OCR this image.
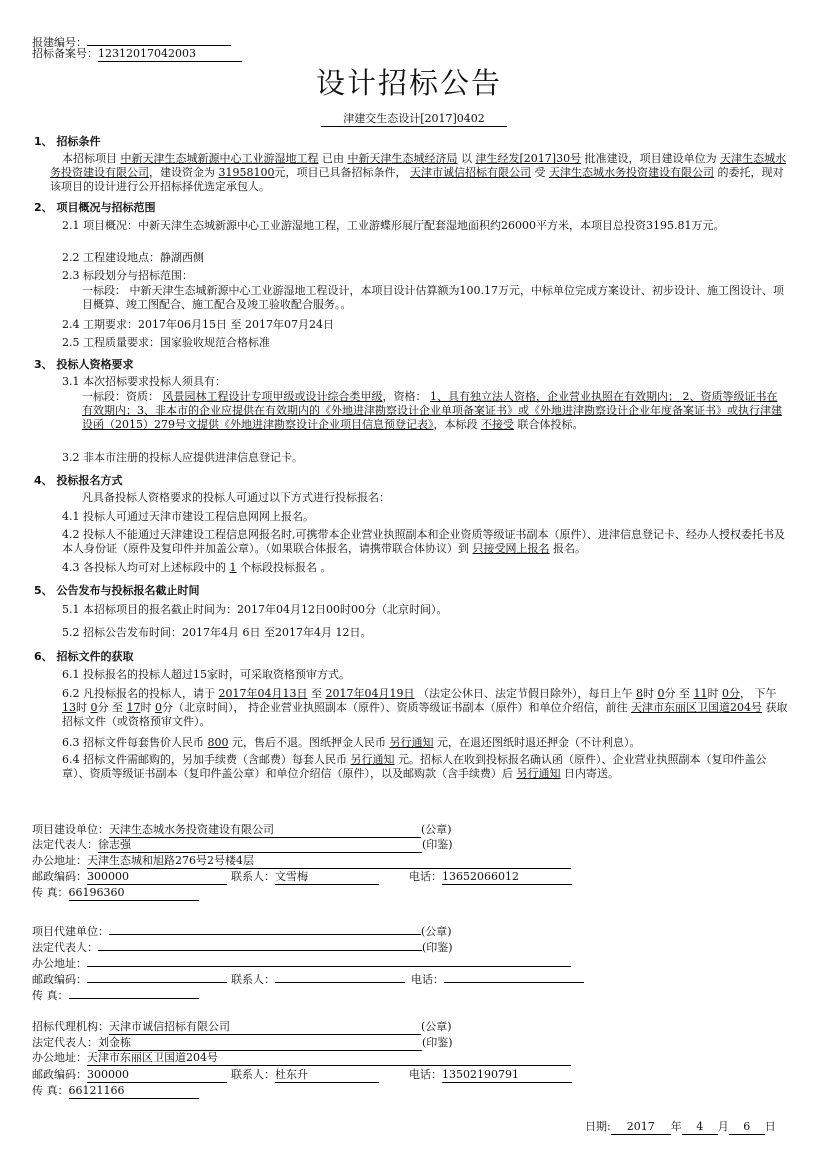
报建编号：
招标备案号：12312017042003
设计招标公告
津建交生态设计[2017]0402
1、 招标条件
本招标项目 中新天津生态城新源中心工业游湿地工程 已由 中新天津生态城经济局 以 津生经发[2017]30号 批准建设，项目建设单位为 天津生态城水务投资建设有限公司，建设资金为 31958100元，项目已具备招标条件， 天津市诚信招标有限公司 受 天津生态城水务投资建设有限公司 的委托，现对该项目的设计进行公开招标择优选定承包人。
2、 项目概况与招标范围
2.1 项目概况：中新天津生态城新源中心工业游湿地工程，工业游蝶形展厅配套湿地面积约26000平方米，本项目总投资3195.81万元。
2.2 工程建设地点：静湖西侧
2.3 标段划分与招标范围：
一标段： 中新天津生态城新源中心工业游湿地工程设计，本项目设计估算额为100.17万元，中标单位完成方案设计、初步设计、施工图设计、项目概算、竣工图配合、施工配合及竣工验收配合服务。。
2.4 工期要求：2017年06月15日 至 2017年07月24日
2.5 工程质量要求：国家验收规范合格标准
3、 投标人资格要求
3.1 本次招标要求投标人须具有：
一标段：资质： 风景园林工程设计专项甲级或设计综合类甲级，资格： 1、具有独立法人资格，企业营业执照在有效期内； 2、资质等级证书在有效期内；3、非本市的企业应提供在有效期内的《外地进津勘察设计企业单项备案证书》或《外地进津勘察设计企业年度备案证书》或执行津建设函（2015）279号文提供《外地进津勘察设计企业项目信息预登记表》，本标段 不接受 联合体投标。
3.2 非本市注册的投标人应提供进津信息登记卡。
4、 投标报名方式
凡具备投标人资格要求的投标人可通过以下方式进行投标报名：
4.1 投标人可通过天津市建设工程信息网网上报名。
4.2 投标人不能通过天津建设工程信息网报名时,可携带本企业营业执照副本和企业资质等级证书副本（原件）、进津信息登记卡、经办人授权委托书及本人身份证（原件及复印件并加盖公章）。（如果联合体报名，请携带联合体协议）到 只接受网上报名 报名。
4.3 各投标人均可对上述标段中的 1 个标段投标报名 。
5、 公告发布与投标报名截止时间
5.1 本招标项目的报名截止时间为：2017年04月12日00时00分（北京时间）。
5.2 招标公告发布时间：2017年4月 6日 至2017年4月 12日。
6、 招标文件的获取
6.1 投标报名的投标人超过15家时，可采取资格预审方式。
6.2 凡投标报名的投标人，请于 2017年04月13日 至 2017年04月19日 （法定公休日、法定节假日除外），每日上午 8时 0分 至 11时 0分， 下午 13时 0分 至 17时 0分（北京时间）， 持企业营业执照副本（原件）、资质等级证书副本（原件）和单位介绍信，前往 天津市东丽区卫国道204号 获取招标文件（或资格预审文件）。
6.3 招标文件每套售价人民币 800 元，售后不退。图纸押金人民币 另行通知 元，在退还图纸时退还押金（不计利息）。
6.4 招标文件需邮购的，另加手续费（含邮费）每套人民币 另行通知 元。招标人在收到投标报名确认函（原件）、企业营业执照副本（复印件盖公章）、资质等级证书副本（复印件盖公章）和单位介绍信（原件），以及邮购款（含手续费）后 另行通知 日内寄送。
项目建设单位：天津生态城水务投资建设有限公司	(公章)
法定代表人：徐志强	(印鉴)
办公地址：天津生态城和旭路276号2号楼4层
邮政编码：300000	联系人：文雪梅	电话：13652066012
传 真：66196360
项目代建单位：	(公章)
法定代表人：	(印鉴)
办公地址：
邮政编码：	联系人：	电话：
传 真：
招标代理机构：天津市诚信招标有限公司	(公章)
法定代表人：刘金栋	(印鉴)
办公地址：天津市东丽区卫国道204号
邮政编码：300000	联系人：杜东升	电话：13502190791
传 真：66121166
日期: 2017 年 4 月 6 日
